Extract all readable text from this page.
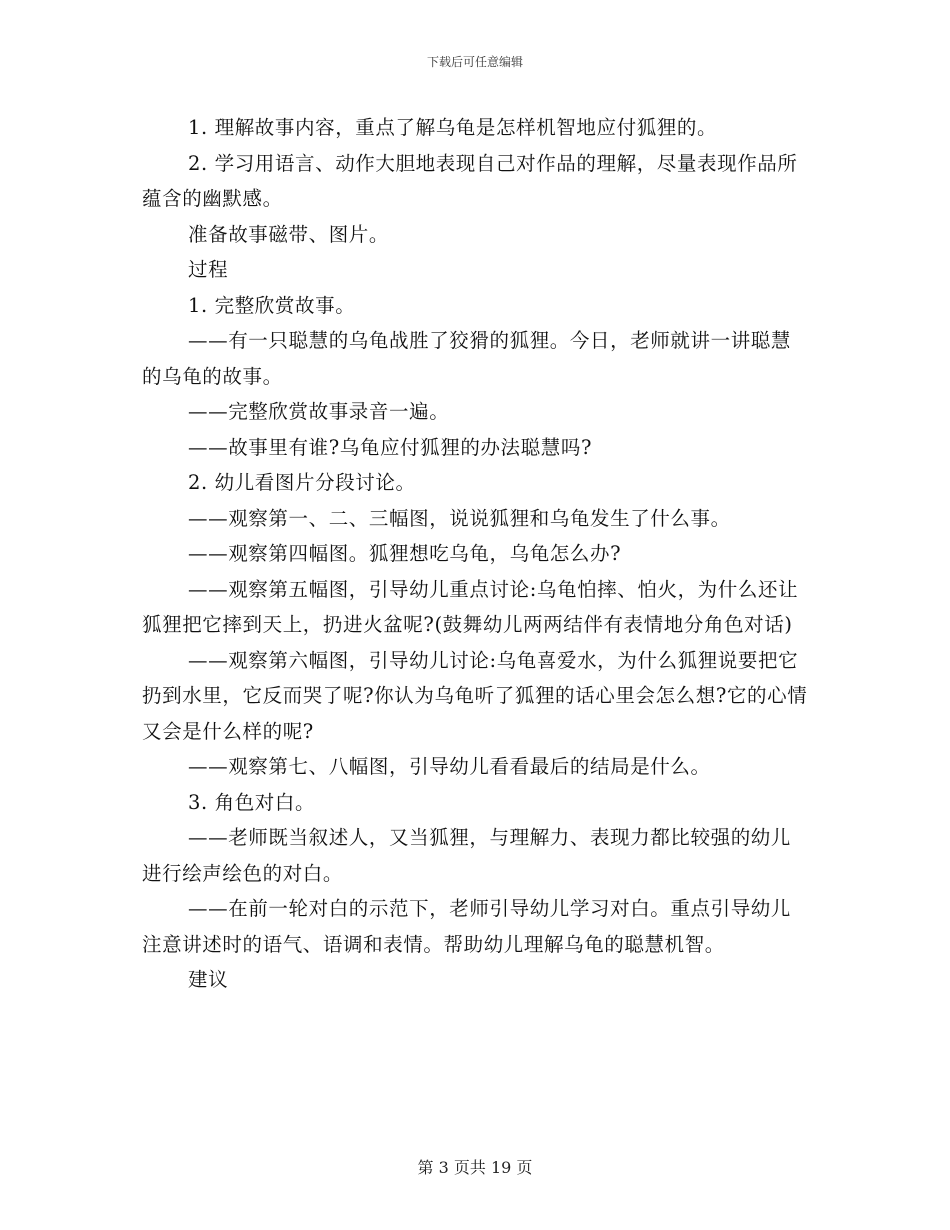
下载后可任意编辑

1. 理解故事内容，重点了解乌龟是怎样机智地应付狐狸的。

2. 学习用语言、动作大胆地表现自己对作品的理解，尽量表现作品所蕴含的幽默感。

准备故事磁带、图片。

过程

1. 完整欣赏故事。

——有一只聪慧的乌龟战胜了狡猾的狐狸。今日，老师就讲一讲聪慧的乌龟的故事。

——完整欣赏故事录音一遍。

——故事里有谁?乌龟应付狐狸的办法聪慧吗?

2. 幼儿看图片分段讨论。

——观察第一、二、三幅图，说说狐狸和乌龟发生了什么事。

——观察第四幅图。狐狸想吃乌龟，乌龟怎么办?

——观察第五幅图，引导幼儿重点讨论:乌龟怕摔、怕火，为什么还让狐狸把它摔到天上，扔进火盆呢?(鼓舞幼儿两两结伴有表情地分角色对话)

——观察第六幅图，引导幼儿讨论:乌龟喜爱水，为什么狐狸说要把它扔到水里，它反而哭了呢?你认为乌龟听了狐狸的话心里会怎么想?它的心情又会是什么样的呢?

——观察第七、八幅图，引导幼儿看看最后的结局是什么。

3. 角色对白。

——老师既当叙述人，又当狐狸，与理解力、表现力都比较强的幼儿进行绘声绘色的对白。

——在前一轮对白的示范下，老师引导幼儿学习对白。重点引导幼儿注意讲述时的语气、语调和表情。帮助幼儿理解乌龟的聪慧机智。

建议

第 3 页共 19 页
